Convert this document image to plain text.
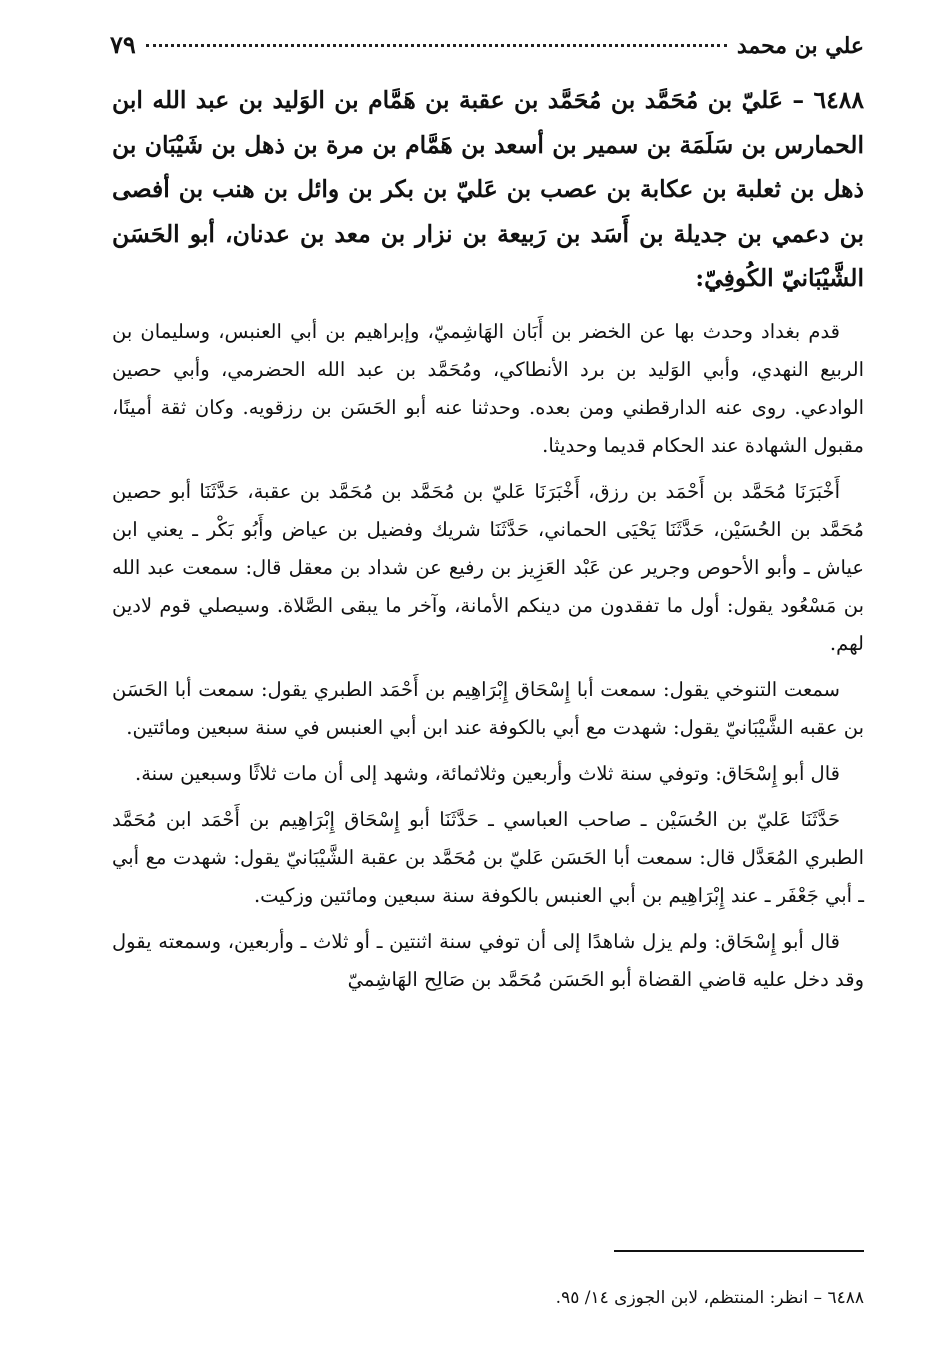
علي بن محمد
٧٩

٦٤٨٨ – عَليّ بن مُحَمَّد بن مُحَمَّد بن عقبة بن هَمَّام بن الوَليد بن عبد الله ابن الحمارس بن سَلَمَة بن سمير بن أسعد بن هَمَّام بن مرة بن ذهل بن شَيْبَان بن ذهل بن ثعلبة بن عكابة بن عصب بن عَليّ بن بكر بن وائل بن هنب بن أفصى بن دعمي بن جديلة بن أَسَد بن رَبيعة بن نزار بن معد بن عدنان، أبو الحَسَن الشَّيْبَانيّ الكُوفِيّ:

قدم بغداد وحدث بها عن الخضر بن أَبَان الهَاشِميّ، وإبراهيم بن أبي العنبس، وسليمان بن الربيع النهدي، وأبي الوَليد بن برد الأنطاكي، ومُحَمَّد بن عبد الله الحضرمي، وأبي حصين الوادعي. روى عنه الدارقطني ومن بعده. وحدثنا عنه أبو الحَسَن بن رزقويه. وكان ثقة أمينًا، مقبول الشهادة عند الحكام قديما وحديثا.

أَخْبَرَنَا مُحَمَّد بن أَحْمَد بن رزق، أَخْبَرَنَا عَليّ بن مُحَمَّد بن مُحَمَّد بن عقبة، حَدَّثَنَا أبو حصين مُحَمَّد بن الحُسَيْن، حَدَّثَنَا يَحْيَى الحماني، حَدَّثَنَا شريك وفضيل بن عياض وأَبُو بَكْر ـ يعني ابن عياش ـ وأبو الأحوص وجرير عن عَبْد العَزِيز بن رفيع عن شداد بن معقل قال: سمعت عبد الله بن مَسْعُود يقول: أول ما تفقدون من دينكم الأمانة، وآخر ما يبقى الصَّلاة. وسيصلي قوم لادين لهم.

سمعت التنوخي يقول: سمعت أبا إِسْحَاق إِبْرَاهِيم بن أَحْمَد الطبري يقول: سمعت أبا الحَسَن بن عقبه الشَّيْبَانيّ يقول: شهدت مع أبي بالكوفة عند ابن أبي العنبس في سنة سبعين ومائتين.

قال أبو إِسْحَاق: وتوفي سنة ثلاث وأربعين وثلاثمائة، وشهد إلى أن مات ثلاثًا وسبعين سنة.

حَدَّثَنَا عَليّ بن الحُسَيْن ـ صاحب العباسي ـ حَدَّثَنَا أبو إِسْحَاق إِبْرَاهِيم بن أَحْمَد ابن مُحَمَّد الطبري المُعَدَّل قال: سمعت أبا الحَسَن عَليّ بن مُحَمَّد بن عقبة الشَّيْبَانيّ يقول: شهدت مع أبي ـ أبي جَعْفَر ـ عند إِبْرَاهِيم بن أبي العنبس بالكوفة سنة سبعين ومائتين وزكيت.

قال أبو إِسْحَاق: ولم يزل شاهدًا إلى أن توفي سنة اثنتين ـ أو ثلاث ـ وأربعين، وسمعته يقول وقد دخل عليه قاضي القضاة أبو الحَسَن مُحَمَّد بن صَالِح الهَاشِميّ

٦٤٨٨ – انظر: المنتظم، لابن الجوزى ١٤/ ٩٥.
